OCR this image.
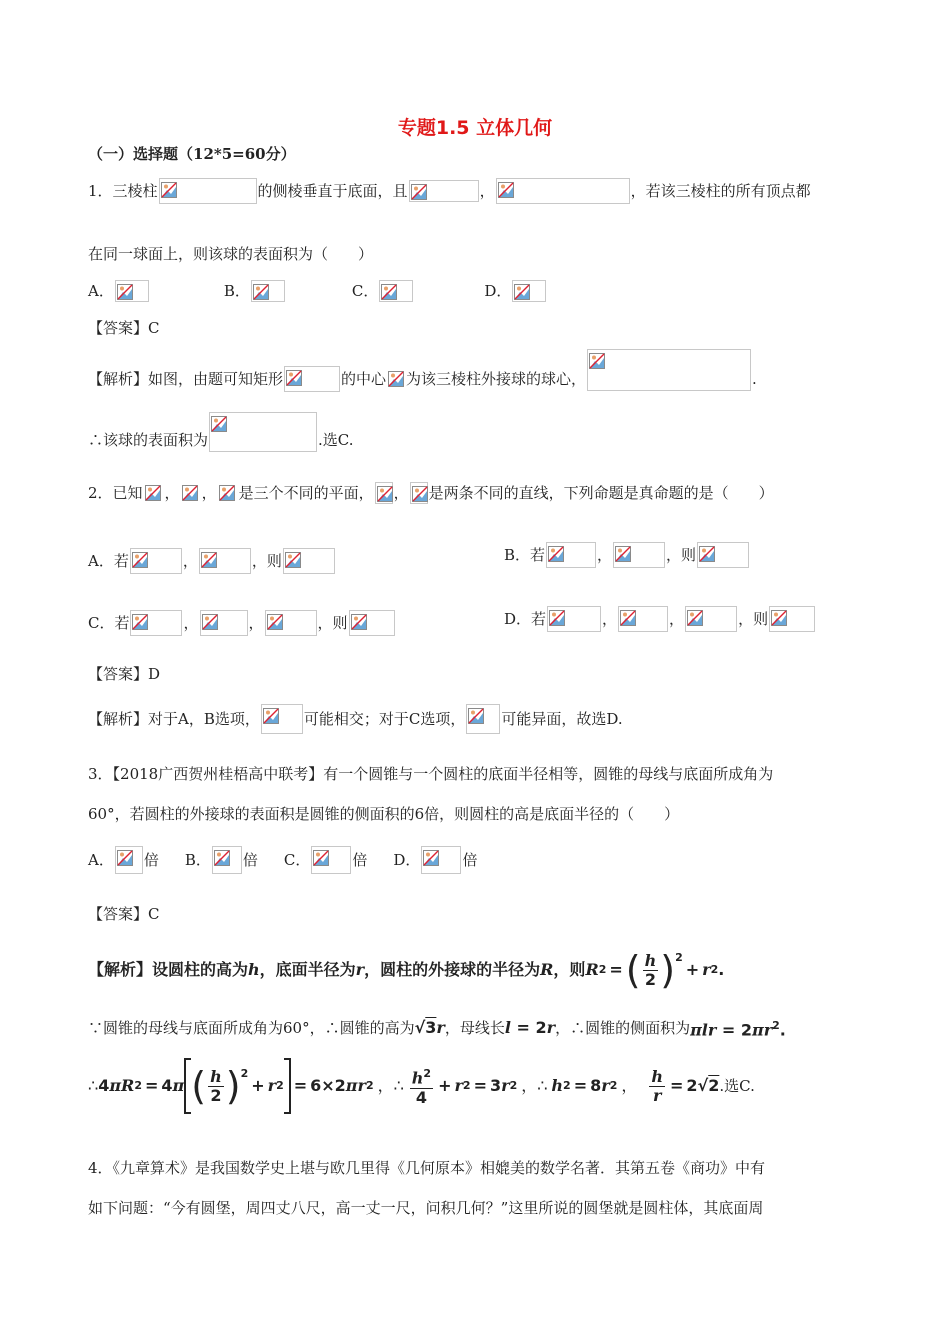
专题1.5 立体几何
（一）选择题（12*5=60分）
1．三棱柱	的侧棱垂直于底面，且	，	，若该三棱柱的所有顶点都
在同一球面上，则该球的表面积为（　　）
A．	B．	C．	D．
【答案】C
【解析】如图，由题可知矩形	的中心 为该三棱柱外接球的球心，	.
∴该球的表面积为	.选C.
2．已知 ， ， 是三个不同的平面， ， 是两条不同的直线，下列命题是真命题的是（　　）
A．若	，	，则	B．若	，	，则
C．若	，	，	，则	D．若	，	，	，则
【答案】D
【解析】对于A，B选项，	可能相交；对于C选项， 可能异面，故选D.
3．【2018广西贺州桂梧高中联考】有一个圆锥与一个圆柱的底面半径相等，圆锥的母线与底面所成角为
60°，若圆柱的外接球的表面积是圆锥的侧面积的6倍，则圆柱的高是底面半径的（　　）
A． 倍 B． 倍 C．	倍 D．	倍
【答案】C
【解析】设圆柱的高为 h ，底面半径为 r ，圆柱的外接球的半径为 R ，则 R 2 = ( $\frac{h}{2}$ ) 2
+ r 2 .
∵圆锥的母线与底面所成角为60°，∴圆锥的高为 √3r ，母线长 l = 2r ，∴圆锥的侧面积为 $\pi lr = 2\pi r^2$.
∴ 4 π R 2 = 4 π ( $\frac{h}{2}$ ) 2
+ r 2 = 6×2 πr 2 ，∴ $\frac{h^2}{4} + r$ 2 = 3 r 2 ，∴ h 2 = 8 r 2 ， $\frac{h}{r} = 2√$ 2 .选C.
4．《九章算术》是我国数学史上堪与欧几里得《几何原本》相媲美的数学名著．其第五卷《商功》中有
如下问题：“今有圆堡，周四丈八尺，高一丈一尺，问积几何？”这里所说的圆堡就是圆柱体，其底面周
